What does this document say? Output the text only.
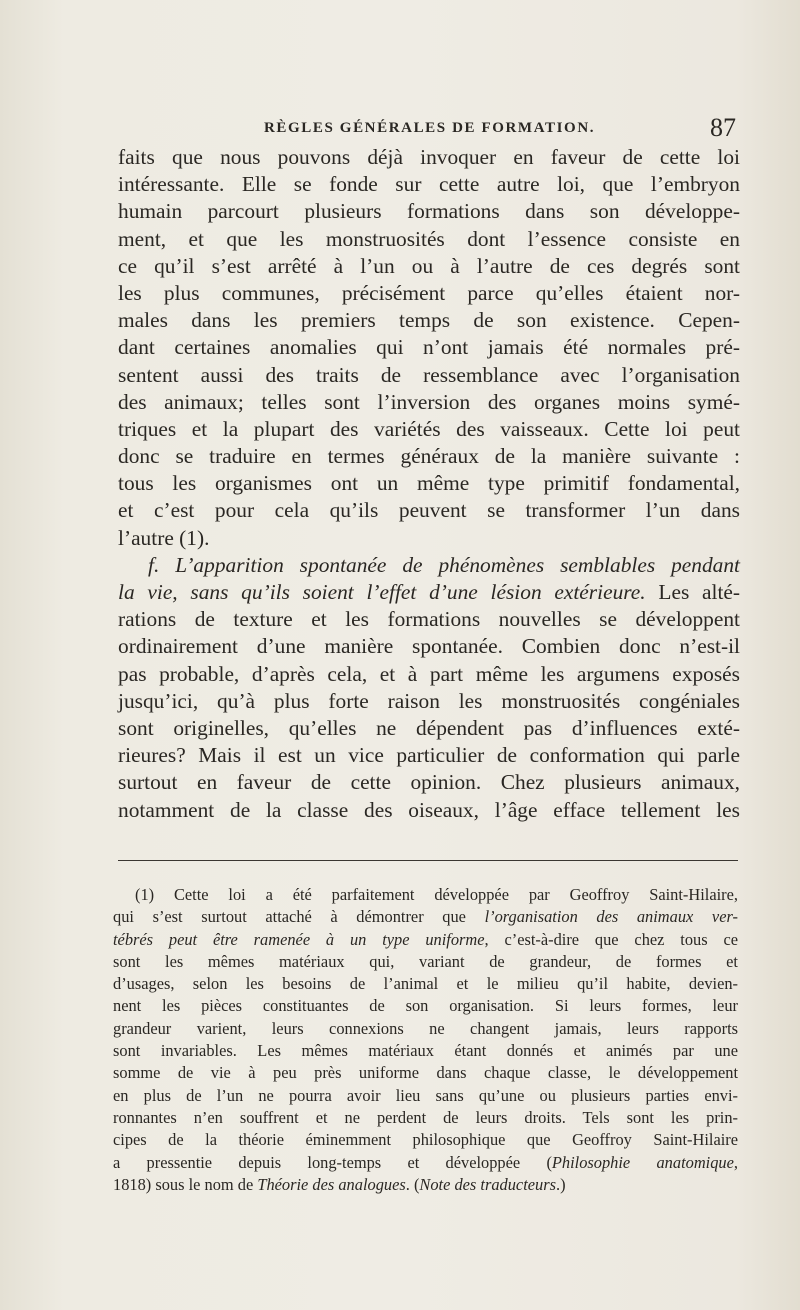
RÈGLES GÉNÉRALES DE FORMATION.	87
faits que nous pouvons déjà invoquer en faveur de cette loi
intéressante. Elle se fonde sur cette autre loi, que l’embryon
humain parcourt plusieurs formations dans son développe-
ment, et que les monstruosités dont l’essence consiste en
ce qu’il s’est arrêté à l’un ou à l’autre de ces degrés sont
les plus communes, précisément parce qu’elles étaient nor-
males dans les premiers temps de son existence. Cepen-
dant certaines anomalies qui n’ont jamais été normales pré-
sentent aussi des traits de ressemblance avec l’organisation
des animaux; telles sont l’inversion des organes moins symé-
triques et la plupart des variétés des vaisseaux. Cette loi peut
donc se traduire en termes généraux de la manière suivante :
tous les organismes ont un même type primitif fondamental,
et c’est pour cela qu’ils peuvent se transformer l’un dans
l’autre (1).
f. L’apparition spontanée de phénomènes semblables pendant
la vie, sans qu’ils soient l’effet d’une lésion extérieure. Les alté-
rations de texture et les formations nouvelles se développent
ordinairement d’une manière spontanée. Combien donc n’est-il
pas probable, d’après cela, et à part même les argumens exposés
jusqu’ici, qu’à plus forte raison les monstruosités congéniales
sont originelles, qu’elles ne dépendent pas d’influences exté-
rieures? Mais il est un vice particulier de conformation qui parle
surtout en faveur de cette opinion. Chez plusieurs animaux,
notamment de la classe des oiseaux, l’âge efface tellement les
(1) Cette loi a été parfaitement développée par Geoffroy Saint-Hilaire,
qui s’est surtout attaché à démontrer que l’organisation des animaux ver-
tébrés peut être ramenée à un type uniforme, c’est-à-dire que chez tous ce
sont les mêmes matériaux qui, variant de grandeur, de formes et
d’usages, selon les besoins de l’animal et le milieu qu’il habite, devien-
nent les pièces constituantes de son organisation. Si leurs formes, leur
grandeur varient, leurs connexions ne changent jamais, leurs rapports
sont invariables. Les mêmes matériaux étant donnés et animés par une
somme de vie à peu près uniforme dans chaque classe, le développement
en plus de l’un ne pourra avoir lieu sans qu’une ou plusieurs parties envi-
ronnantes n’en souffrent et ne perdent de leurs droits. Tels sont les prin-
cipes de la théorie éminemment philosophique que Geoffroy Saint-Hilaire
a pressentie depuis long-temps et développée (Philosophie anatomique,
1818) sous le nom de Théorie des analogues. (Note des traducteurs.)
